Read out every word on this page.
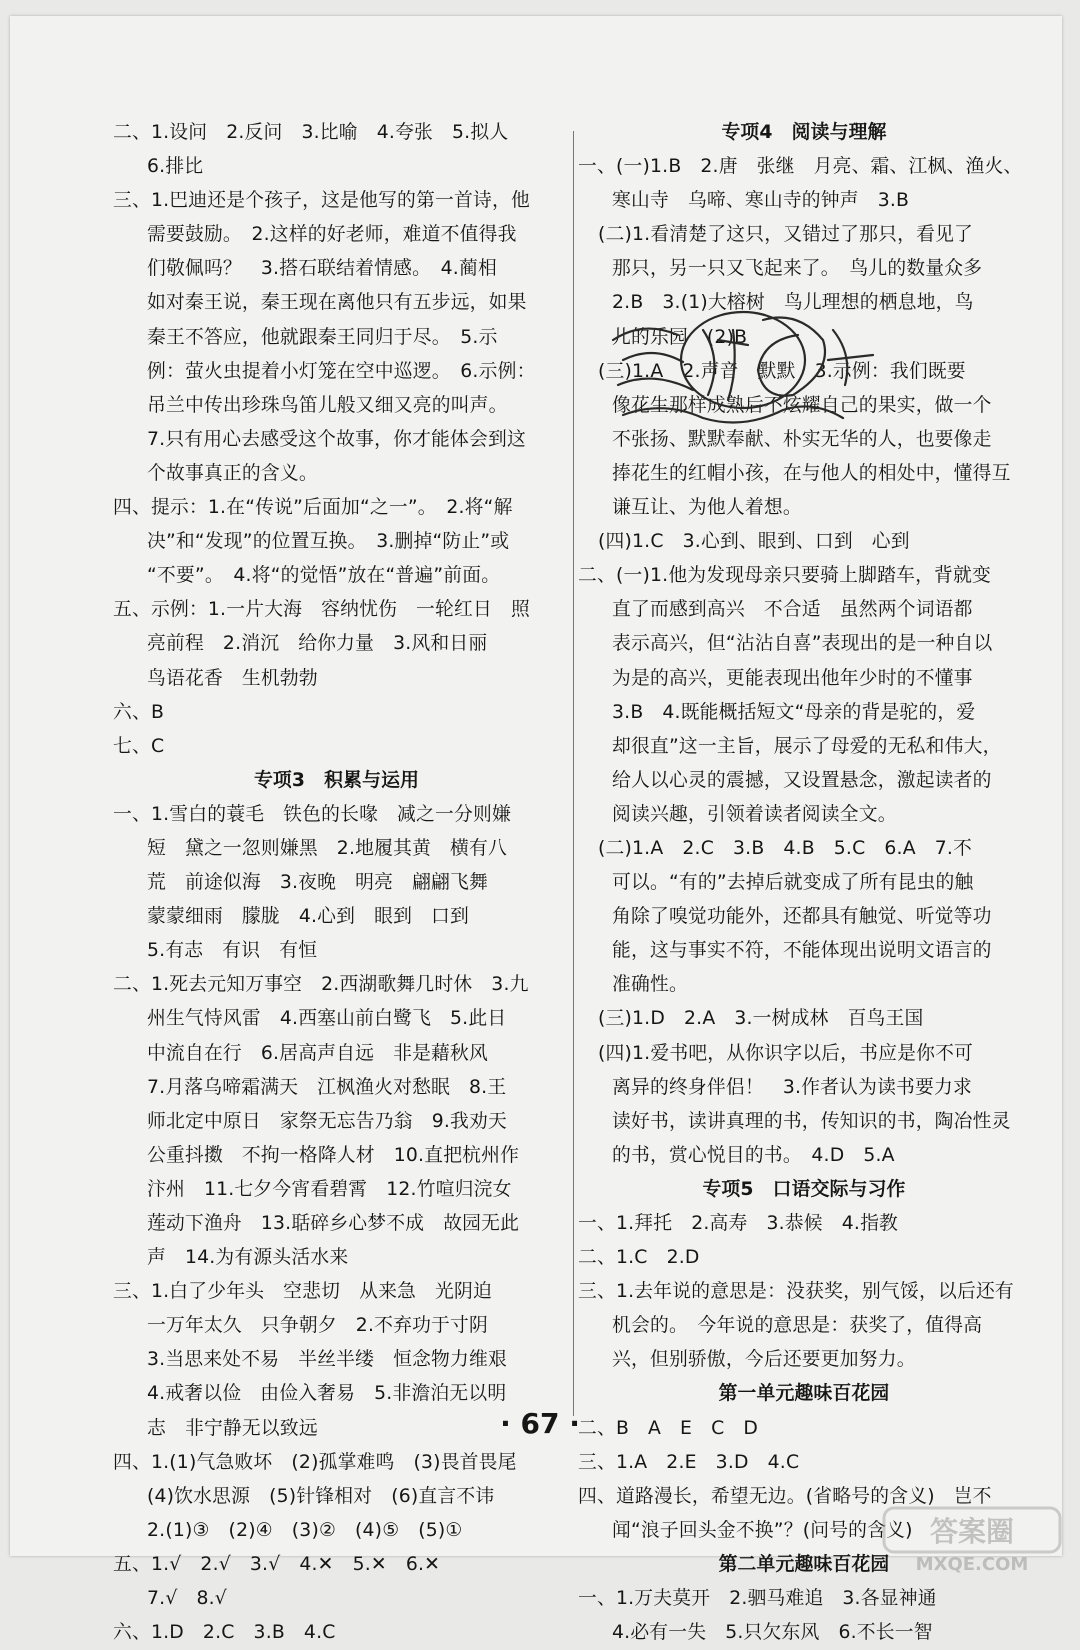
二、1.设问　2.反问　3.比喻　4.夸张　5.拟人
6.排比
三、1.巴迪还是个孩子，这是他写的第一首诗，他
需要鼓励。　2.这样的好老师，难道不值得我
们敬佩吗？　3.搭石联结着情感。　4.蔺相
如对秦王说，秦王现在离他只有五步远，如果
秦王不答应，他就跟秦王同归于尽。　5.示
例：萤火虫提着小灯笼在空中巡逻。　6.示例：
吊兰中传出珍珠鸟笛儿般又细又亮的叫声。
7.只有用心去感受这个故事，你才能体会到这
个故事真正的含义。
四、提示：1.在“传说”后面加“之一”。　2.将“解
决”和“发现”的位置互换。　3.删掉“防止”或
“不要”。　4.将“的觉悟”放在“普遍”前面。
五、示例：1.一片大海　容纳忧伤　一轮红日　照
亮前程　2.消沉　给你力量　3.风和日丽
鸟语花香　生机勃勃
六、B
七、C
专项3　积累与运用
一、1.雪白的蓑毛　铁色的长喙　减之一分则嫌
短　黛之一忽则嫌黑　2.地履其黄　横有八
荒　前途似海　3.夜晚　明亮　翩翩飞舞
蒙蒙细雨　朦胧　4.心到　眼到　口到
5.有志　有识　有恒
二、1.死去元知万事空　2.西湖歌舞几时休　3.九
州生气恃风雷　4.西塞山前白鹭飞　5.此日
中流自在行　6.居高声自远　非是藉秋风
7.月落乌啼霜满天　江枫渔火对愁眠　8.王
师北定中原日　家祭无忘告乃翁　9.我劝天
公重抖擞　不拘一格降人材　10.直把杭州作
汴州　11.七夕今宵看碧霄　12.竹喧归浣女
莲动下渔舟　13.聒碎乡心梦不成　故园无此
声　14.为有源头活水来
三、1.白了少年头　空悲切　从来急　光阴迫
一万年太久　只争朝夕　2.不弃功于寸阴
3.当思来处不易　半丝半缕　恒念物力维艰
4.戒奢以俭　由俭入奢易　5.非澹泊无以明
志　非宁静无以致远
四、1.(1)气急败坏　(2)孤掌难鸣　(3)畏首畏尾
(4)饮水思源　(5)针锋相对　(6)直言不讳
2.(1)③　(2)④　(3)②　(4)⑤　(5)①
五、1.√　2.√　3.√　4.✕　5.✕　6.✕
7.√　8.√
六、1.D　2.C　3.B　4.C
专项4　阅读与理解
一、(一)1.B　2.唐　张继　月亮、霜、江枫、渔火、
寒山寺　乌啼、寒山寺的钟声　3.B
(二)1.看清楚了这只，又错过了那只，看见了
那只，另一只又飞起来了。　鸟儿的数量众多
2.B　3.(1)大榕树　鸟儿理想的栖息地，鸟
儿的乐园　(2)B
(三)1.A　2.声音　默默　3.示例：我们既要
像花生那样成熟后不炫耀自己的果实，做一个
不张扬、默默奉献、朴实无华的人，也要像走
捧花生的红帽小孩，在与他人的相处中，懂得互
谦互让、为他人着想。
(四)1.C　3.心到、眼到、口到　心到
二、(一)1.他为发现母亲只要骑上脚踏车，背就变
直了而感到高兴　不合适　虽然两个词语都
表示高兴，但“沾沾自喜”表现出的是一种自以
为是的高兴，更能表现出他年少时的不懂事
3.B　4.既能概括短文“母亲的背是驼的，爱
却很直”这一主旨，展示了母爱的无私和伟大，
给人以心灵的震撼，又设置悬念，激起读者的
阅读兴趣，引领着读者阅读全文。
(二)1.A　2.C　3.B　4.B　5.C　6.A　7.不
可以。“有的”去掉后就变成了所有昆虫的触
角除了嗅觉功能外，还都具有触觉、听觉等功
能，这与事实不符，不能体现出说明文语言的
准确性。
(三)1.D　2.A　3.一树成林　百鸟王国
(四)1.爱书吧，从你识字以后，书应是你不可
离异的终身伴侣！　3.作者认为读书要力求
读好书，读讲真理的书，传知识的书，陶冶性灵
的书，赏心悦目的书。　4.D　5.A
专项5　口语交际与习作
一、1.拜托　2.高寿　3.恭候　4.指教
二、1.C　2.D
三、1.去年说的意思是：没获奖，别气馁，以后还有
机会的。　今年说的意思是：获奖了，值得高
兴，但别骄傲，今后还要更加努力。
第一单元趣味百花园
二、B　A　E　C　D
三、1.A　2.E　3.D　4.C
四、道路漫长，希望无边。(省略号的含义)　岂不
闻“浪子回头金不换”？(问号的含义)
第二单元趣味百花园
一、1.万夫莫开　2.驷马难追　3.各显神通
4.必有一失　5.只欠东风　6.不长一智
答案圈
MXQE.COM
· 67 ·
